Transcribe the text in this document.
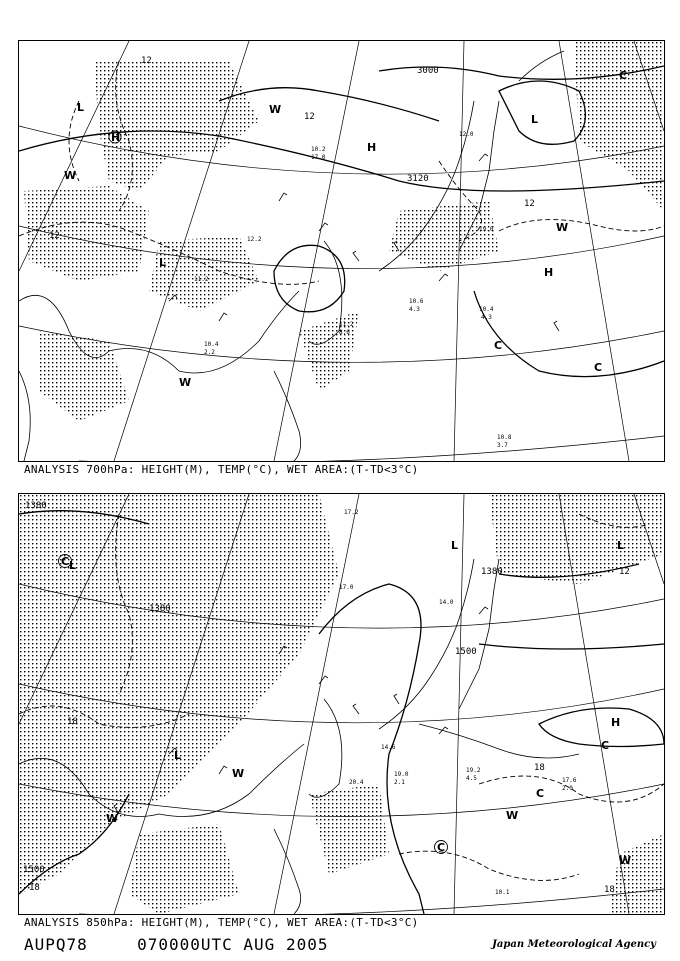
3000
3120
12
12
12
12
H
H
H
L
L
L
W
W
W
W
C
C
C
10.2
17.0
10.6
4.3
11.2
12.0
19.0
10.4
2.2
10.4
4.3
10.8
3.7
11.2
8.6
12.2
ANALYSIS 700hPa: HEIGHT(M), TEMP(°C), WET AREA:(T-TD<3°C)
1380
1380
1380
1500
1500
18
18
18
18
12
H
L
L
L	L
W
W	W
W
C
C
C
C
17.2
14.0
19.2
4.5	17.6
2.0
10.1
17.0
20.4
14.6
19.0
2.1
ANALYSIS 850hPa: HEIGHT(M), TEMP(°C), WET AREA:(T-TD<3°C)
AUPQ78	070000UTC AUG 2005	Japan Meteorological Agency
